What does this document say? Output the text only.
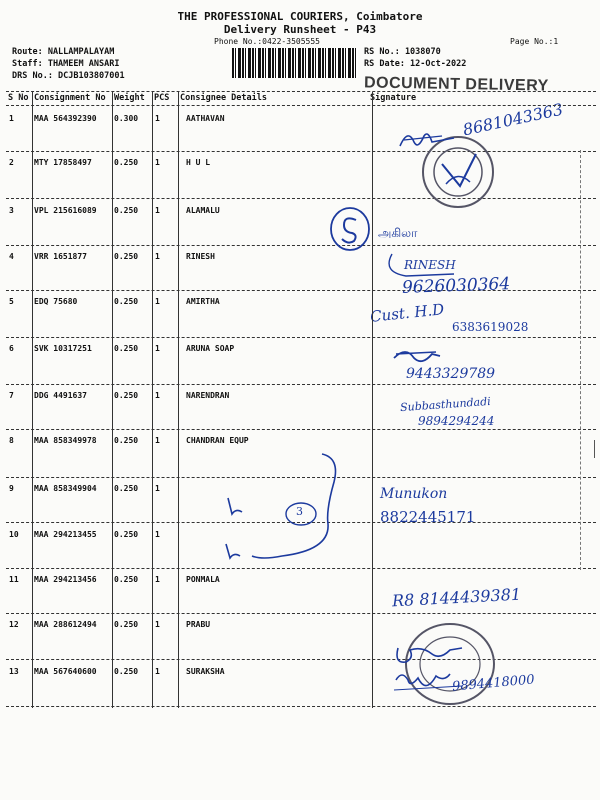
THE PROFESSIONAL COURIERS, Coimbatore
Delivery Runsheet - P43
Phone No.:0422-3505555	Page No.:1
Route: NALLAMPALAYAM
Staff: THAMEEM ANSARI
DRS No.: DCJB103807001
RS No.: 1038070
RS Date: 12-Oct-2022
DOCUMENT DELIVERY
S No Consignment No Weight PCS Consignee Details	Signature
1	MAA 564392390 0.300 1	AATHAVAN
2	MTY 17858497	0.250 1	H U L
3	VPL 215616089 0.250 1	ALAMALU
4	VRR 1651877	0.250 1	RINESH
5	EDQ 75680	0.250 1	AMIRTHA
6	SVK 10317251	0.250 1	ARUNA SOAP
7	DDG 4491637	0.250 1	NARENDRAN
8	MAA 858349978 0.250 1	CHANDRAN EQUP
9	MAA 858349904 0.250 1
10 MAA 294213455 0.250 1
11 MAA 294213456 0.250 1	PONMALA
12 MAA 288612494 0.250 1	PRABU
13 MAA 567640600 0.250 1	SURAKSHA
8681043363
அகிலா
RINESH
9626030364
Cust. H.D
6383619028
9443329789
Subbasthundadi
9894294244
3
Munukon
8822445171
R8 8144439381
9894418000
